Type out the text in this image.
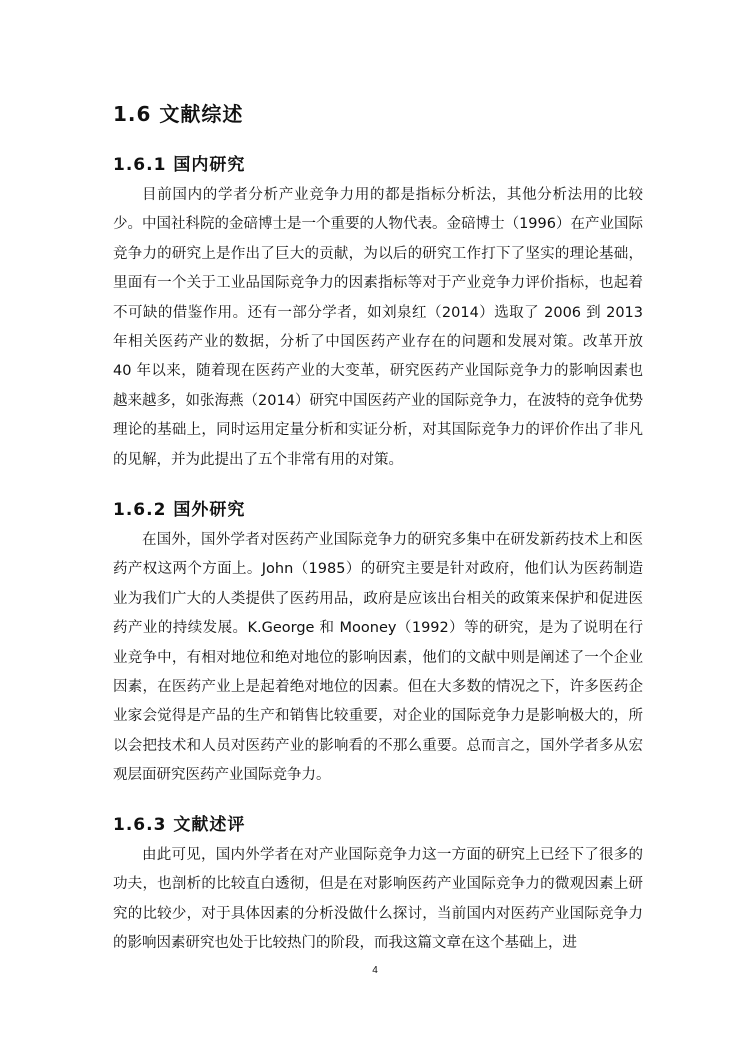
1.6 文献综述
1.6.1 国内研究

目前国内的学者分析产业竞争力用的都是指标分析法，其他分析法用的比较少。中国社科院的金碚博士是一个重要的人物代表。金碚博士（1996）在产业国际竞争力的研究上是作出了巨大的贡献，为以后的研究工作打下了坚实的理论基础，里面有一个关于工业品国际竞争力的因素指标等对于产业竞争力评价指标，也起着不可缺的借鉴作用。还有一部分学者，如刘泉红（2014）选取了 2006 到 2013 年相关医药产业的数据，分析了中国医药产业存在的问题和发展对策。改革开放 40 年以来，随着现在医药产业的大变革，研究医药产业国际竞争力的影响因素也越来越多，如张海燕（2014）研究中国医药产业的国际竞争力，在波特的竞争优势理论的基础上，同时运用定量分析和实证分析，对其国际竞争力的评价作出了非凡的见解，并为此提出了五个非常有用的对策。

1.6.2 国外研究

在国外，国外学者对医药产业国际竞争力的研究多集中在研发新药技术上和医药产权这两个方面上。John（1985）的研究主要是针对政府，他们认为医药制造业为我们广大的人类提供了医药用品，政府是应该出台相关的政策来保护和促进医药产业的持续发展。K.George 和 Mooney（1992）等的研究，是为了说明在行业竞争中，有相对地位和绝对地位的影响因素，他们的文献中则是阐述了一个企业因素，在医药产业上是起着绝对地位的因素。但在大多数的情况之下，许多医药企业家会觉得是产品的生产和销售比较重要，对企业的国际竞争力是影响极大的，所以会把技术和人员对医药产业的影响看的不那么重要。总而言之，国外学者多从宏观层面研究医药产业国际竞争力。

1.6.3 文献述评

由此可见，国内外学者在对产业国际竞争力这一方面的研究上已经下了很多的功夫，也剖析的比较直白透彻，但是在对影响医药产业国际竞争力的微观因素上研究的比较少，对于具体因素的分析没做什么探讨，当前国内对医药产业国际竞争力的影响因素研究也处于比较热门的阶段，而我这篇文章在这个基础上，进

4
